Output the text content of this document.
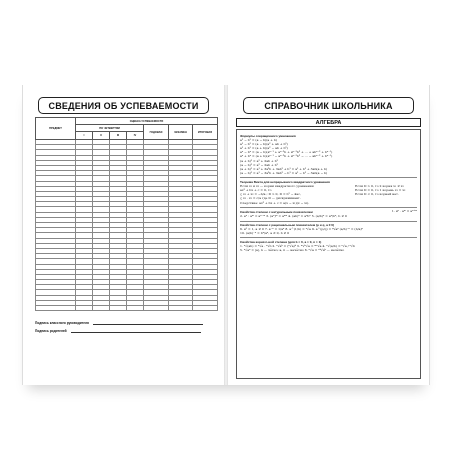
СВЕДЕНИЯ ОБ УСПЕВАЕМОСТИ
ПРЕДМЕТ	ОЦЕНКА УСПЕВАЕМОСТИ						
	ПО ЧЕТВЕРТЯМ				ГОДОВАЯ	ЭКЗАМЕН	ИТОГОВАЯ
	I	II	III	IV			

Подпись классного руководителя
Подпись родителей
СПРАВОЧНИК ШКОЛЬНИКА
АЛГЕБРА
Формулы сокращённого умножения
a² − b² = (a − b)(a + b)
a³ − b³ = (a − b)(a² + ab + b²)
a³ + b³ = (a + b)(a² − ab + b²)
aⁿ − bⁿ = (a − b)(aⁿ⁻¹ + aⁿ⁻²b + aⁿ⁻³b² + … + abⁿ⁻² + bⁿ⁻¹)
aⁿ + bⁿ = (a + b)(aⁿ⁻¹ − aⁿ⁻²b + aⁿ⁻³b² − … − abⁿ⁻² + bⁿ⁻¹)
(a + b)² = a² + 2ab + b²
(a − b)² = a² − 2ab + b²
(a + b)³ = a³ + 3a²b + 3ab² + b³ = a³ + b³ + 3ab(a + b)
(a − b)³ = a³ − 3a²b + 3ab² − b³ = a³ − b³ − 3ab(a − b)
Теорема Виета для непрерывного квадратного уравнения
Если x₁ и x₂ — корни квадратного уравнения
ax² + bx + c = 0, то
{ x₁ + x₂ = −b/a ; D > 0, D = b² − 4ac,
{ x₁ · x₂ = c/a где D — дискриминант.
Следствие: ax² + bx + c = a(x − x₁)(x − x₂).
Если D > 0, то 2 корня x₁ ≠ x₂
Если D = 0, то 1 корень x₁ = x₂
Если D < 0, то корней нет.
Свойства степени с натуральным показателем	1. aⁿ · aᵐ = aⁿ⁺ᵐ
2. aⁿ : aᵐ = aⁿ⁻ᵐ 3. (aⁿ)ᵐ = aⁿᵐ 4. (ab)ⁿ = aⁿbⁿ 5. (a/b)ⁿ = aⁿ/bⁿ, b ≠ 0
Свойства степени с рациональным показателем (p и q, a ≠ 0)
6. a⁰ = 1, a ≠ 0 7. a⁻ⁿ = 1/aⁿ 8. a^(1/n) = ⁿ√a 9. a^(p/q) = ᵠ√aᵖ (a/b)⁻ⁿ = (b/a)ⁿ
10. (a/b)⁻ⁿ = bⁿ/aⁿ, a ≠ 0, b ≠ 0
Свойства корня n-ной степени (для b > 0, a > 0, n > 1)
1. ⁿ√(ab) = ⁿ√a · ⁿ√b 2. ⁿ√aᵏ = (ⁿ√a)ᵏ 3. ᵐ√ⁿ√a = ᵐⁿ√a 4. ⁿ√(a/b) = ⁿ√a / ⁿ√b
5. ⁿ√aⁿ = |a|, n — чётно; a, n — нечётно 6. ⁿ√a = ⁿᵏ√aᵏ — нечётно
